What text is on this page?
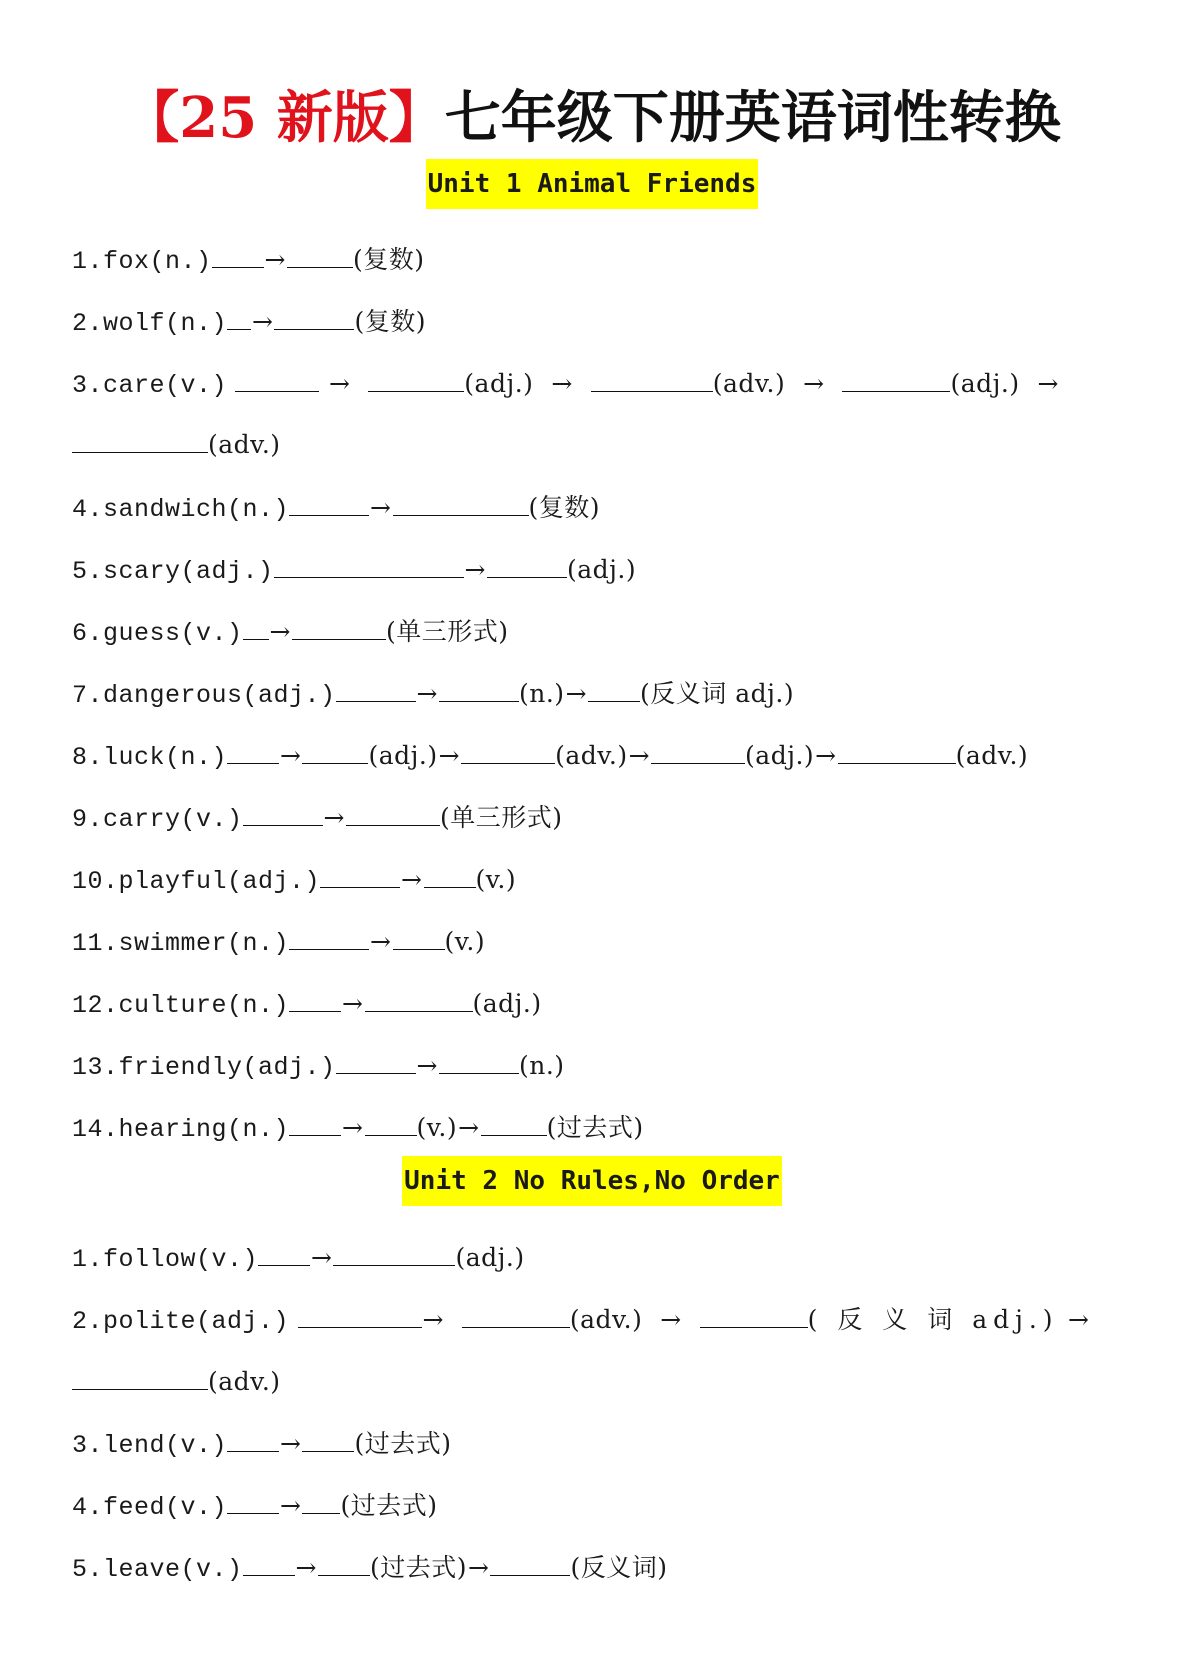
【25 新版】七年级下册英语词性转换
Unit 1 Animal Friends
1.fox(n.) →	(复数)
2.wolf(n.) →	(复数)
3.care(v.)	→	(adj.) →	(adv.) →	(adj.) →
(adv.)
4.sandwich(n.)	→	(复数)
5.scary(adj.)	→	(adj.)
6.guess(v.) →	(单三形式)
7.dangerous(adj.)	→	(n.)→ (反义词 adj.)
8.luck(n.) →	(adj.)→	(adv.)→	(adj.)→	(adv.)
9.carry(v.)	→	(单三形式)
10.playful(adj.)	→ (v.)
11.swimmer(n.)	→ (v.)
12.culture(n.) →	(adj.)
13.friendly(adj.)	→	(n.)
14.hearing(n.) → (v.)→	(过去式)
Unit 2 No Rules,No Order
1.follow(v.) →	(adj.)
2.polite(adj.)	→	(adv.) →	( 反 义 词 adj.) →
(adv.)
3.lend(v.) → (过去式)
4.feed(v.) → (过去式)
5.leave(v.) → (过去式)→	(反义词)
